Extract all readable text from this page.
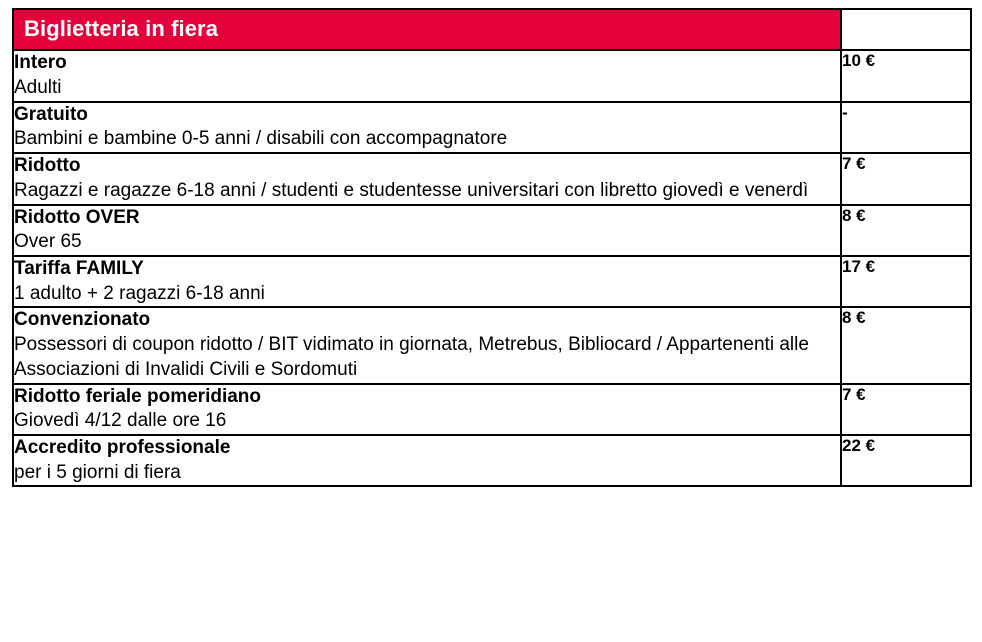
Biglietteria in fiera	

Intero
Adulti	10 €

Gratuito
Bambini e bambine 0-5 anni / disabili con accompagnatore	-

Ridotto
Ragazzi e ragazze 6-18 anni / studenti e studentesse universitari con libretto giovedì e venerdì	7 €

Ridotto OVER
Over 65	8 €

Tariffa FAMILY
1 adulto + 2 ragazzi 6-18 anni	17 €

Convenzionato
Possessori di coupon ridotto / BIT vidimato in giornata, Metrebus, Bibliocard / Appartenenti alle Associazioni di Invalidi Civili e Sordomuti	8 €

Ridotto feriale pomeridiano
Giovedì 4/12 dalle ore 16	7 €

Accredito professionale
per i 5 giorni di fiera	22 €
